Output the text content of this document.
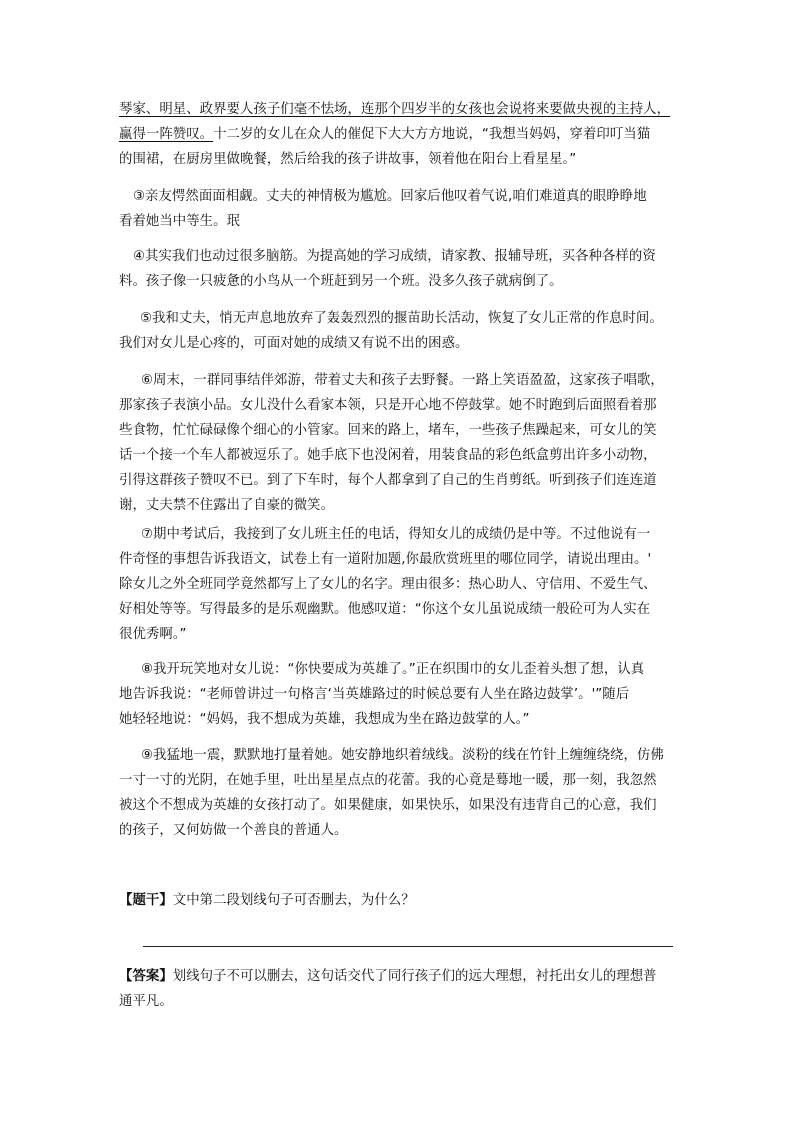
琴家、明星、政界要人孩子们毫不怯场，连那个四岁半的女孩也会说将来要做央视的主持人，
赢得一阵赞叹。十二岁的女儿在众人的催促下大大方方地说，“我想当妈妈，穿着印叮当猫
的围裙，在厨房里做晚餐，然后给我的孩子讲故事，领着他在阳台上看星星。”
③亲友愕然面面相觑。丈夫的神情极为尴尬。回家后他叹着气说,咱们难道真的眼睁睁地
看着她当中等生。珉
④其实我们也动过很多脑筋。为提高她的学习成绩，请家教、报辅导班，买各种各样的资
料。孩子像一只疲惫的小鸟从一个班赶到另一个班。没多久孩子就病倒了。
⑤我和丈夫，悄无声息地放弃了轰轰烈烈的揠苗助长活动，恢复了女儿正常的作息时间。
我们对女儿是心疼的，可面对她的成绩又有说不出的困惑。
⑥周末，一群同事结伴郊游，带着丈夫和孩子去野餐。一路上笑语盈盈，这家孩子唱歌，
那家孩子表演小品。女儿没什么看家本领，只是开心地不停鼓掌。她不时跑到后面照看着那
些食物，忙忙碌碌像个细心的小管家。回来的路上，堵车，一些孩子焦躁起来，可女儿的笑
话一个接一个车人都被逗乐了。她手底下也没闲着，用装食品的彩色纸盒剪出许多小动物，
引得这群孩子赞叹不已。到了下车时，每个人都拿到了自己的生肖剪纸。听到孩子们连连道
谢，丈夫禁不住露出了自豪的微笑。
⑦期中考试后，我接到了女儿班主任的电话，得知女儿的成绩仍是中等。不过他说有一
件奇怪的事想告诉我语文，试卷上有一道附加题,你最欣赏班里的哪位同学，请说出理由。'
除女儿之外全班同学竟然都写上了女儿的名字。理由很多：热心助人、守信用、不爱生气、
好相处等等。写得最多的是乐观幽默。他感叹道：“你这个女儿虽说成绩一般砼可为人实在
很优秀啊。”
⑧我开玩笑地对女儿说：“你快要成为英雄了。”正在织围巾的女儿歪着头想了想，认真
地告诉我说：“老师曾讲过一句格言‘当英雄路过的时候总要有人坐在路边鼓掌’。'”随后
她轻轻地说：“妈妈，我不想成为英雄，我想成为坐在路边鼓掌的人。”
⑨我猛地一震，默默地打量着她。她安静地织着绒线。淡粉的线在竹针上缠缠绕绕，仿佛
一寸一寸的光阴，在她手里，吐出星星点点的花蕾。我的心竟是蓦地一暖，那一刻，我忽然
被这个不想成为英雄的女孩打动了。如果健康，如果快乐，如果没有违背自己的心意，我们
的孩子，又何妨做一个善良的普通人。
【题干】文中第二段划线句子可否删去，为什么？
【答案】划线句子不可以删去，这句话交代了同行孩子们的远大理想，衬托出女儿的理想普
通平凡。
